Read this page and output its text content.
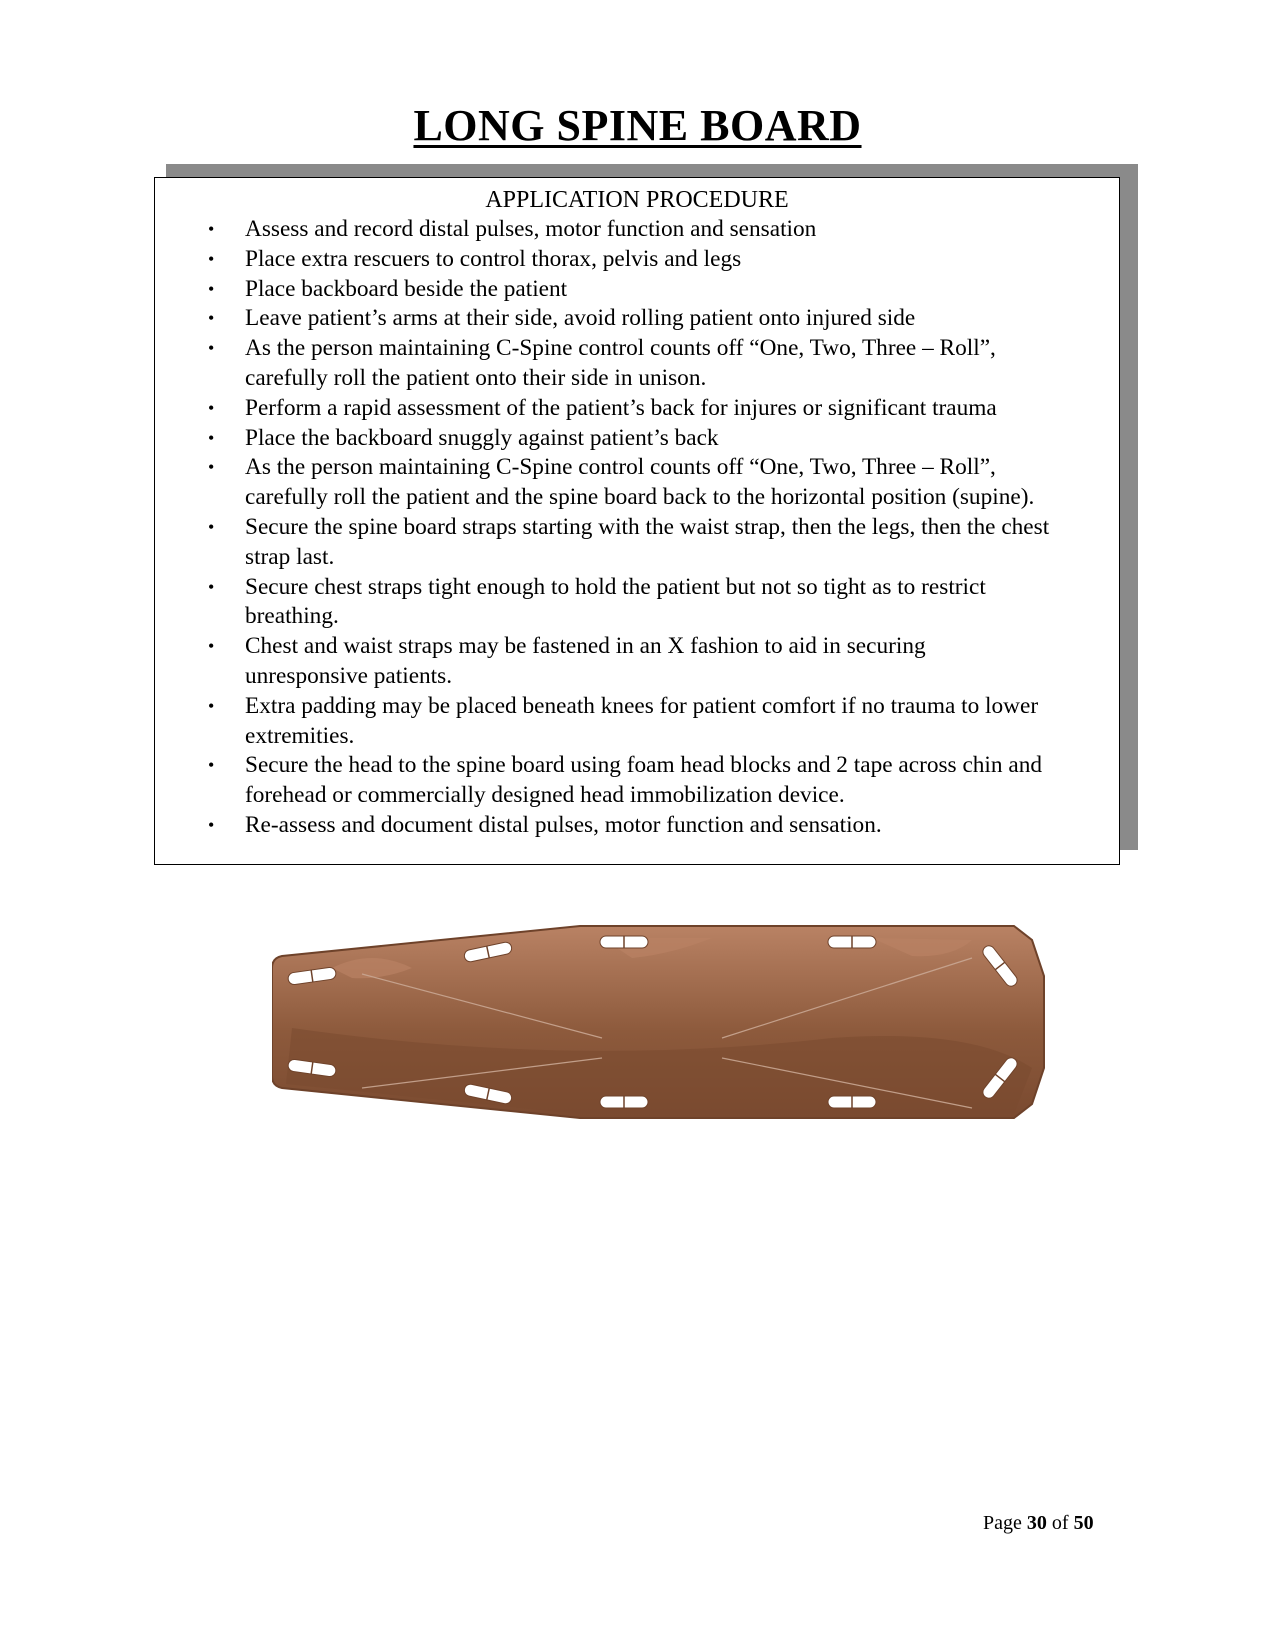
LONG SPINE BOARD
APPLICATION PROCEDURE
• Assess and record distal pulses, motor function and sensation
• Place extra rescuers to control thorax, pelvis and legs
• Place backboard beside the patient
• Leave patient’s arms at their side, avoid rolling patient onto injured side
• As the person maintaining C-Spine control counts off “One, Two, Three – Roll”,
carefully roll the patient onto their side in unison.
• Perform a rapid assessment of the patient’s back for injures or significant trauma
• Place the backboard snuggly against patient’s back
• As the person maintaining C-Spine control counts off “One, Two, Three – Roll”,
carefully roll the patient and the spine board back to the horizontal position (supine).
• Secure the spine board straps starting with the waist strap, then the legs, then the chest
strap last.
• Secure chest straps tight enough to hold the patient but not so tight as to restrict
breathing.
• Chest and waist straps may be fastened in an X fashion to aid in securing
unresponsive patients.
• Extra padding may be placed beneath knees for patient comfort if no trauma to lower
extremities.
• Secure the head to the spine board using foam head blocks and 2 tape across chin and
forehead or commercially designed head immobilization device.
• Re-assess and document distal pulses, motor function and sensation.
Page 30 of 50
